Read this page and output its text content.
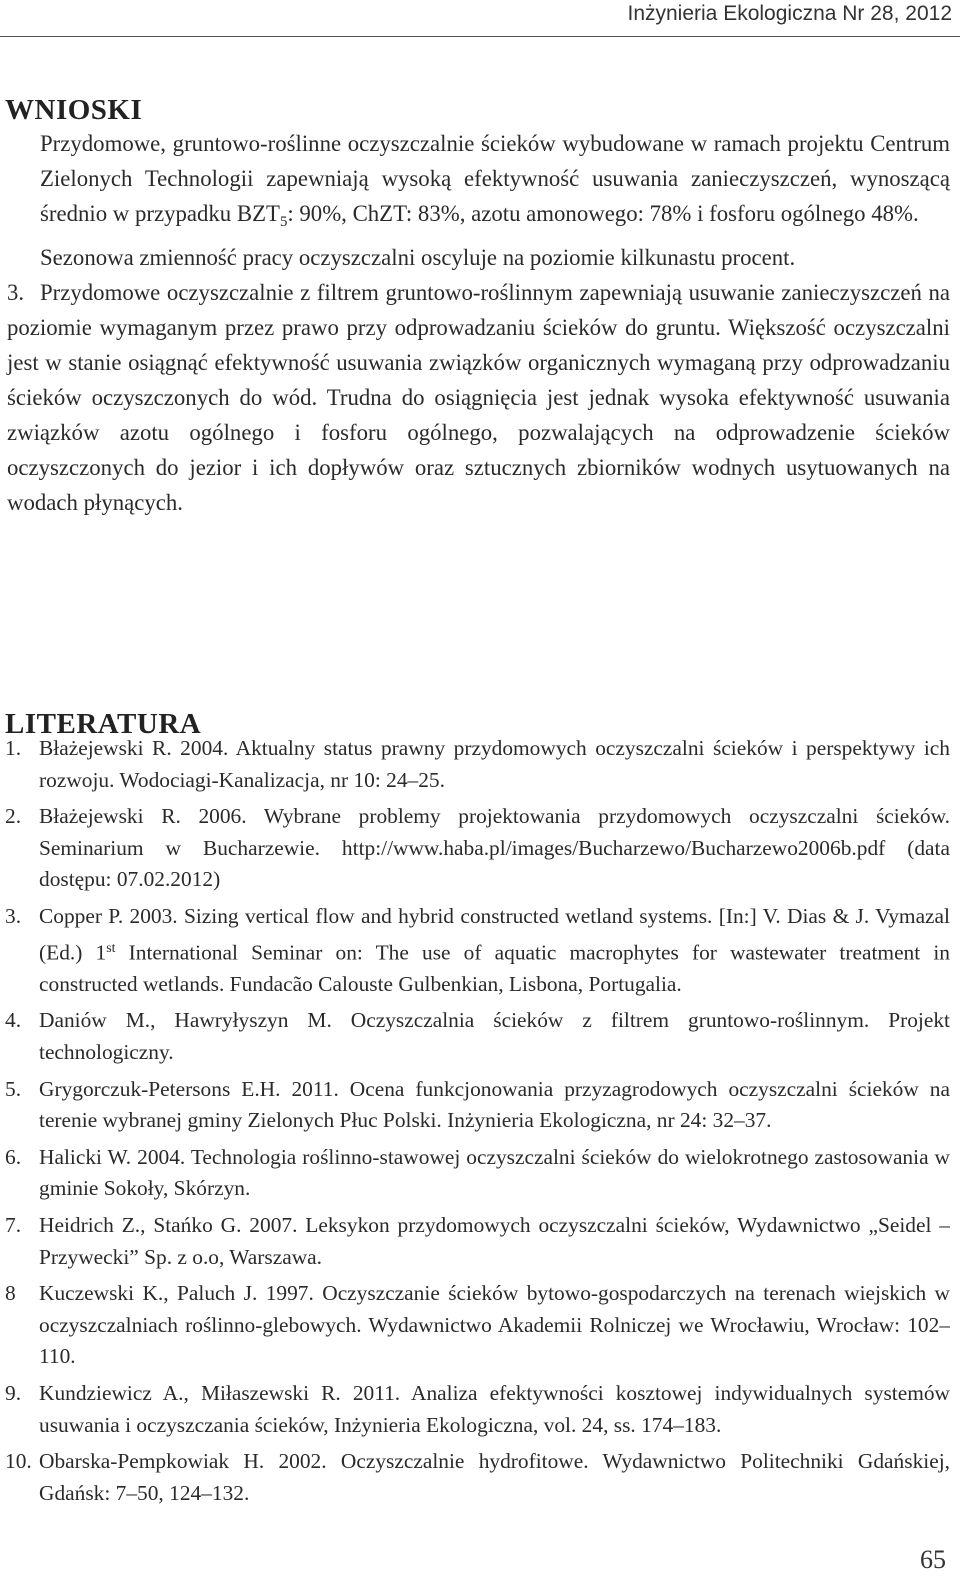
Inżynieria Ekologiczna Nr 28, 2012
WNIOSKI
Przydomowe, gruntowo-roślinne oczyszczalnie ścieków wybudowane w ramach projektu Centrum Zielonych Technologii zapewniają wysoką efektywność usuwania zanieczyszczeń, wynoszącą średnio w przypadku $BZT_5$: 90%, ChZT: 83%, azotu amonowego: 78% i fosforu ogólnego 48%.
Sezonowa zmienność pracy oczyszczalni oscyluje na poziomie kilkunastu procent.
3. Przydomowe oczyszczalnie z filtrem gruntowo-roślinnym zapewniają usuwanie zanieczyszczeń na poziomie wymaganym przez prawo przy odprowadzaniu ścieków do gruntu. Większość oczyszczalni jest w stanie osiągnąć efektywność usuwania związków organicznych wymaganą przy odprowadzaniu ścieków oczyszczonych do wód. Trudna do osiągnięcia jest jednak wysoka efektywność usuwania związków azotu ogólnego i fosforu ogólnego, pozwalających na odprowadzenie ścieków oczyszczonych do jezior i ich dopływów oraz sztucznych zbiorników wodnych usytuowanych na wodach płynących.
LITERATURA
1. Błażejewski R. 2004. Aktualny status prawny przydomowych oczyszczalni ścieków i perspektywy ich rozwoju. Wodociagi-Kanalizacja, nr 10: 24–25.
2. Błażejewski R. 2006. Wybrane problemy projektowania przydomowych oczyszczalni ścieków. Seminarium w Bucharzewie. http://www.haba.pl/images/Bucharzewo/Bucharzewo2006b.pdf (data dostępu: 07.02.2012)
3. Copper P. 2003. Sizing vertical flow and hybrid constructed wetland systems. [In:] V. Dias & J. Vymazal (Ed.) 1st International Seminar on: The use of aquatic macrophytes for wastewater treatment in constructed wetlands. Fundacão Calouste Gulbenkian, Lisbona, Portugalia.
4. Daniów M., Hawryłyszyn M. Oczyszczalnia ścieków z filtrem gruntowo-roślinnym. Projekt technologiczny.
5. Grygorczuk-Petersons E.H. 2011. Ocena funkcjonowania przyzagrodowych oczyszczalni ścieków na terenie wybranej gminy Zielonych Płuc Polski. Inżynieria Ekologiczna, nr 24: 32–37.
6. Halicki W. 2004. Technologia roślinno-stawowej oczyszczalni ścieków do wielokrotnego zastosowania w gminie Sokoły, Skórzyn.
7. Heidrich Z., Stańko G. 2007. Leksykon przydomowych oczyszczalni ścieków, Wydawnictwo „Seidel – Przywecki” Sp. z o.o, Warszawa.
8 Kuczewski K., Paluch J. 1997. Oczyszczanie ścieków bytowo-gospodarczych na terenach wiejskich w oczyszczalniach roślinno-glebowych. Wydawnictwo Akademii Rolniczej we Wrocławiu, Wrocław: 102–110.
9. Kundziewicz A., Miłaszewski R. 2011. Analiza efektywności kosztowej indywidualnych systemów usuwania i oczyszczania ścieków, Inżynieria Ekologiczna, vol. 24, ss. 174–183.
10. Obarska-Pempkowiak H. 2002. Oczyszczalnie hydrofitowe. Wydawnictwo Politechniki Gdańskiej, Gdańsk: 7–50, 124–132.
65
